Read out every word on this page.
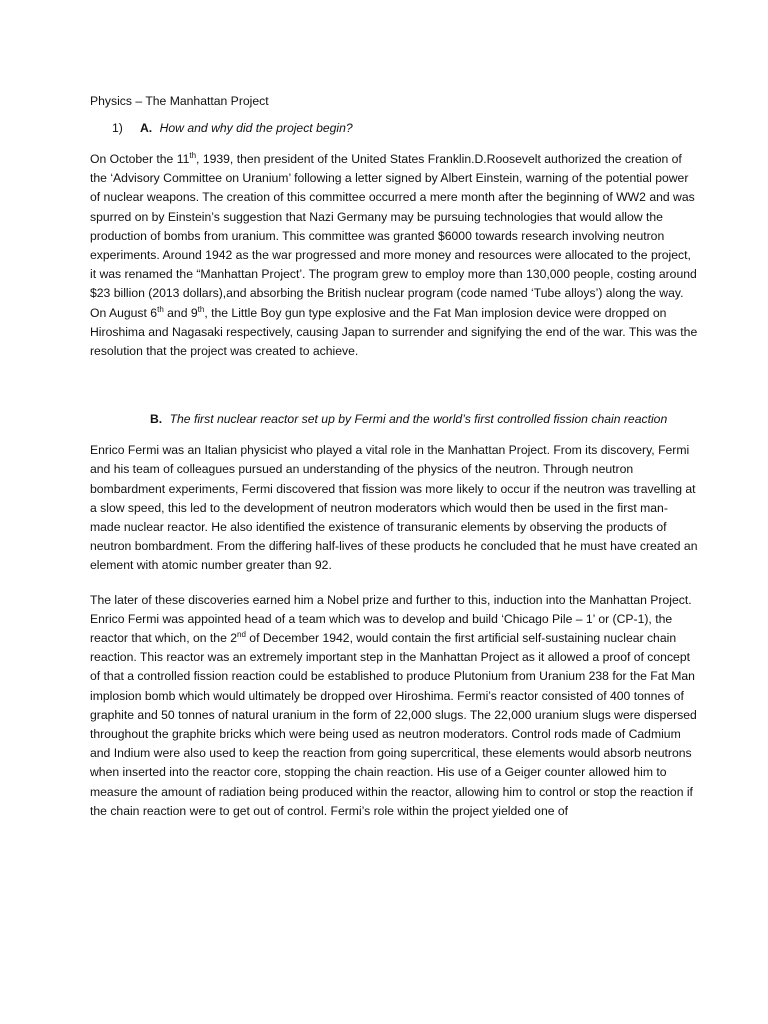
Physics – The Manhattan Project
1) A. How and why did the project begin?

On October the 11th, 1939, then president of the United States Franklin.D.Roosevelt authorized the creation of the ‘Advisory Committee on Uranium’ following a letter signed by Albert Einstein, warning of the potential power of nuclear weapons. The creation of this committee occurred a mere month after the beginning of WW2 and was spurred on by Einstein’s suggestion that Nazi Germany may be pursuing technologies that would allow the production of bombs from uranium. This committee was granted $6000 towards research involving neutron experiments. Around 1942 as the war progressed and more money and resources were allocated to the project, it was renamed the “Manhattan Project’. The program grew to employ more than 130,000 people, costing around $23 billion (2013 dollars),and absorbing the British nuclear program (code named ‘Tube alloys’) along the way. On August 6th and 9th, the Little Boy gun type explosive and the Fat Man implosion device were dropped on Hiroshima and Nagasaki respectively, causing Japan to surrender and signifying the end of the war. This was the resolution that the project was created to achieve.

B. The first nuclear reactor set up by Fermi and the world’s first controlled fission chain reaction

Enrico Fermi was an Italian physicist who played a vital role in the Manhattan Project. From its discovery, Fermi and his team of colleagues pursued an understanding of the physics of the neutron. Through neutron bombardment experiments, Fermi discovered that fission was more likely to occur if the neutron was travelling at a slow speed, this led to the development of neutron moderators which would then be used in the first man-made nuclear reactor. He also identified the existence of transuranic elements by observing the products of neutron bombardment. From the differing half-lives of these products he concluded that he must have created an element with atomic number greater than 92.

The later of these discoveries earned him a Nobel prize and further to this, induction into the Manhattan Project. Enrico Fermi was appointed head of a team which was to develop and build ‘Chicago Pile – 1’ or (CP-1), the reactor that which, on the 2nd of December 1942, would contain the first artificial self-sustaining nuclear chain reaction. This reactor was an extremely important step in the Manhattan Project as it allowed a proof of concept of that a controlled fission reaction could be established to produce Plutonium from Uranium 238 for the Fat Man implosion bomb which would ultimately be dropped over Hiroshima. Fermi’s reactor consisted of 400 tonnes of graphite and 50 tonnes of natural uranium in the form of 22,000 slugs. The 22,000 uranium slugs were dispersed throughout the graphite bricks which were being used as neutron moderators. Control rods made of Cadmium and Indium were also used to keep the reaction from going supercritical, these elements would absorb neutrons when inserted into the reactor core, stopping the chain reaction. His use of a Geiger counter allowed him to measure the amount of radiation being produced within the reactor, allowing him to control or stop the reaction if the chain reaction were to get out of control. Fermi’s role within the project yielded one of
